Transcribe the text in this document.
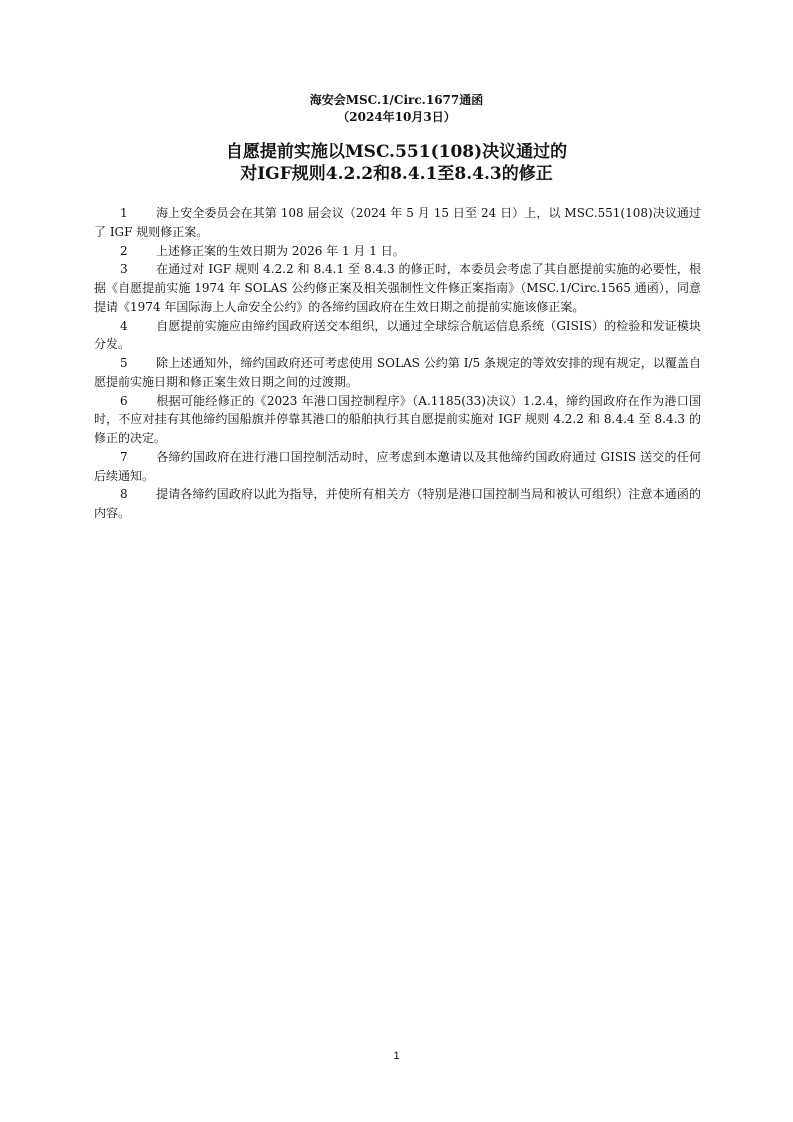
海安会MSC.1/Circ.1677通函
（2024年10月3日）
自愿提前实施以MSC.551(108)决议通过的
对IGF规则4.2.2和8.4.1至8.4.3的修正

1 海上安全委员会在其第 108 届会议（2024 年 5 月 15 日至 24 日）上，以 MSC.551(108)决议通过了 IGF 规则修正案。

2 上述修正案的生效日期为 2026 年 1 月 1 日。

3 在通过对 IGF 规则 4.2.2 和 8.4.1 至 8.4.3 的修正时，本委员会考虑了其自愿提前实施的必要性，根据《自愿提前实施 1974 年 SOLAS 公约修正案及相关强制性文件修正案指南》（MSC.1/Circ.1565 通函），同意提请《1974 年国际海上人命安全公约》的各缔约国政府在生效日期之前提前实施该修正案。

4 自愿提前实施应由缔约国政府送交本组织，以通过全球综合航运信息系统（GISIS）的检验和发证模块分发。

5 除上述通知外，缔约国政府还可考虑使用 SOLAS 公约第 I/5 条规定的等效安排的现有规定，以覆盖自愿提前实施日期和修正案生效日期之间的过渡期。

6 根据可能经修正的《2023 年港口国控制程序》（A.1185(33)决议）1.2.4，缔约国政府在作为港口国时，不应对挂有其他缔约国船旗并停靠其港口的船舶执行其自愿提前实施对 IGF 规则 4.2.2 和 8.4.4 至 8.4.3 的修正的决定。

7 各缔约国政府在进行港口国控制活动时，应考虑到本邀请以及其他缔约国政府通过 GISIS 送交的任何后续通知。

8 提请各缔约国政府以此为指导，并使所有相关方（特别是港口国控制当局和被认可组织）注意本通函的内容。

1
